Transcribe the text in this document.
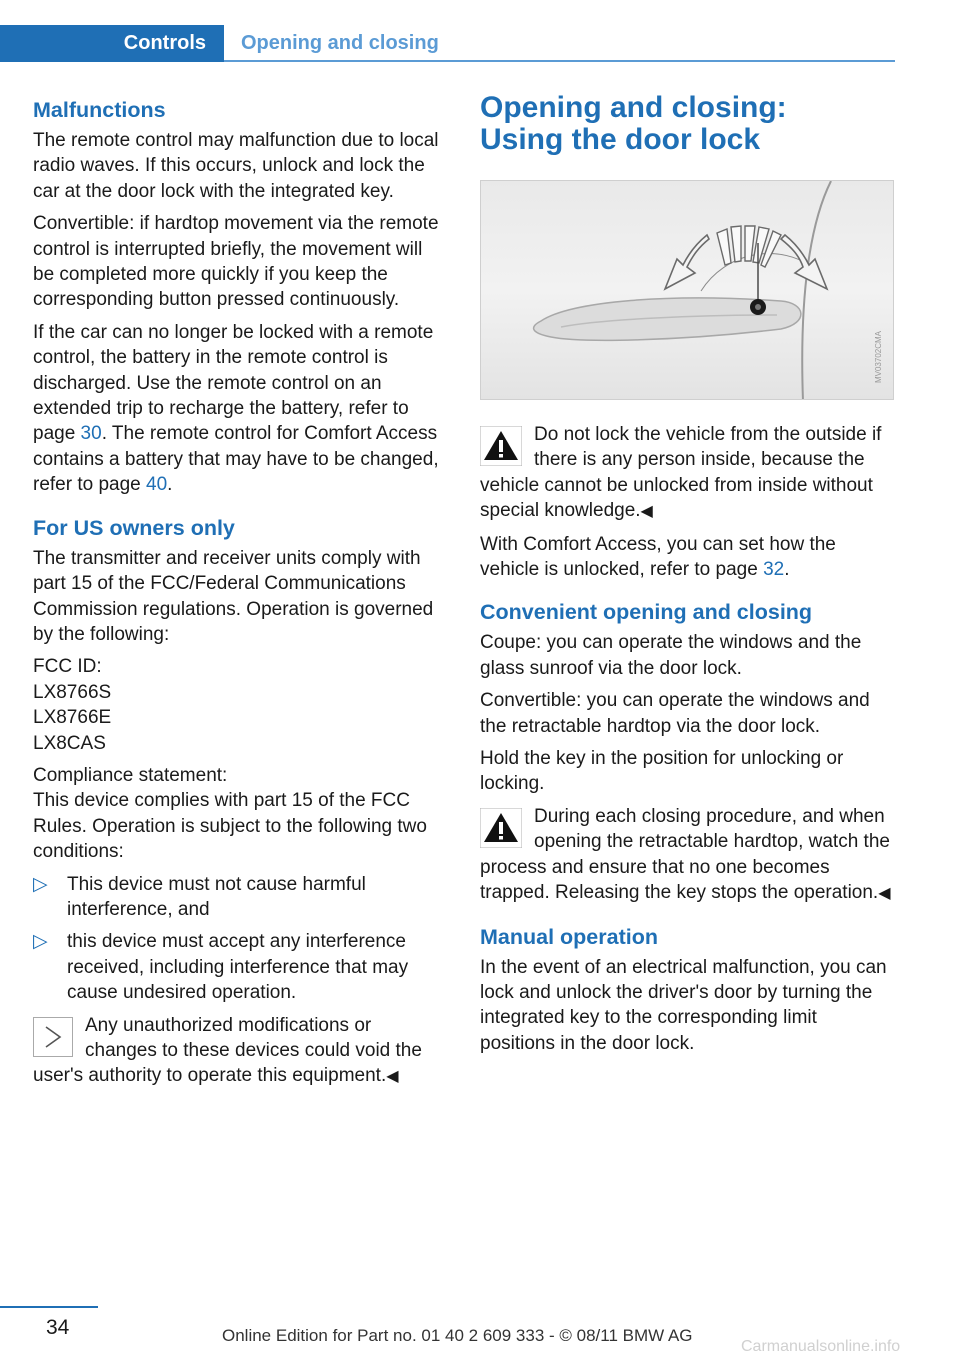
Controls	Opening and closing
Malfunctions

The remote control may malfunction due to local radio waves. If this occurs, unlock and lock the car at the door lock with the integrated key.

Convertible: if hardtop movement via the remote control is interrupted briefly, the movement will be completed more quickly if you keep the corresponding button pressed continuously.

If the car can no longer be locked with a remote control, the battery in the remote control is discharged. Use the remote control on an extended trip to recharge the battery, refer to page 30. The remote control for Comfort Access contains a battery that may have to be changed, refer to page 40.

For US owners only

The transmitter and receiver units comply with part 15 of the FCC/Federal Communications Commission regulations. Operation is governed by the following:

FCC ID:
LX8766S
LX8766E
LX8CAS

Compliance statement:
This device complies with part 15 of the FCC Rules. Operation is subject to the following two conditions:

▷ This device must not cause harmful interference, and
▷ this device must accept any interference received, including interference that may cause undesired operation.
Any unauthorized modifications or changes to these devices could void the user's authority to operate this equipment.◀
Opening and closing:
Using the door lock
MV03702CMA
Do not lock the vehicle from the outside if there is any person inside, because the vehicle cannot be unlocked from inside without special knowledge.◀

With Comfort Access, you can set how the vehicle is unlocked, refer to page 32.

Convenient opening and closing

Coupe: you can operate the windows and the glass sunroof via the door lock.

Convertible: you can operate the windows and the retractable hardtop via the door lock.

Hold the key in the position for unlocking or locking.

During each closing procedure, and when opening the retractable hardtop, watch the process and ensure that no one becomes trapped. Releasing the key stops the operation.◀
Manual operation

In the event of an electrical malfunction, you can lock and unlock the driver's door by turning the integrated key to the corresponding limit positions in the door lock.

34	Online Edition for Part no. 01 40 2 609 333 - © 08/11 BMW AG
Carmanualsonline.info
